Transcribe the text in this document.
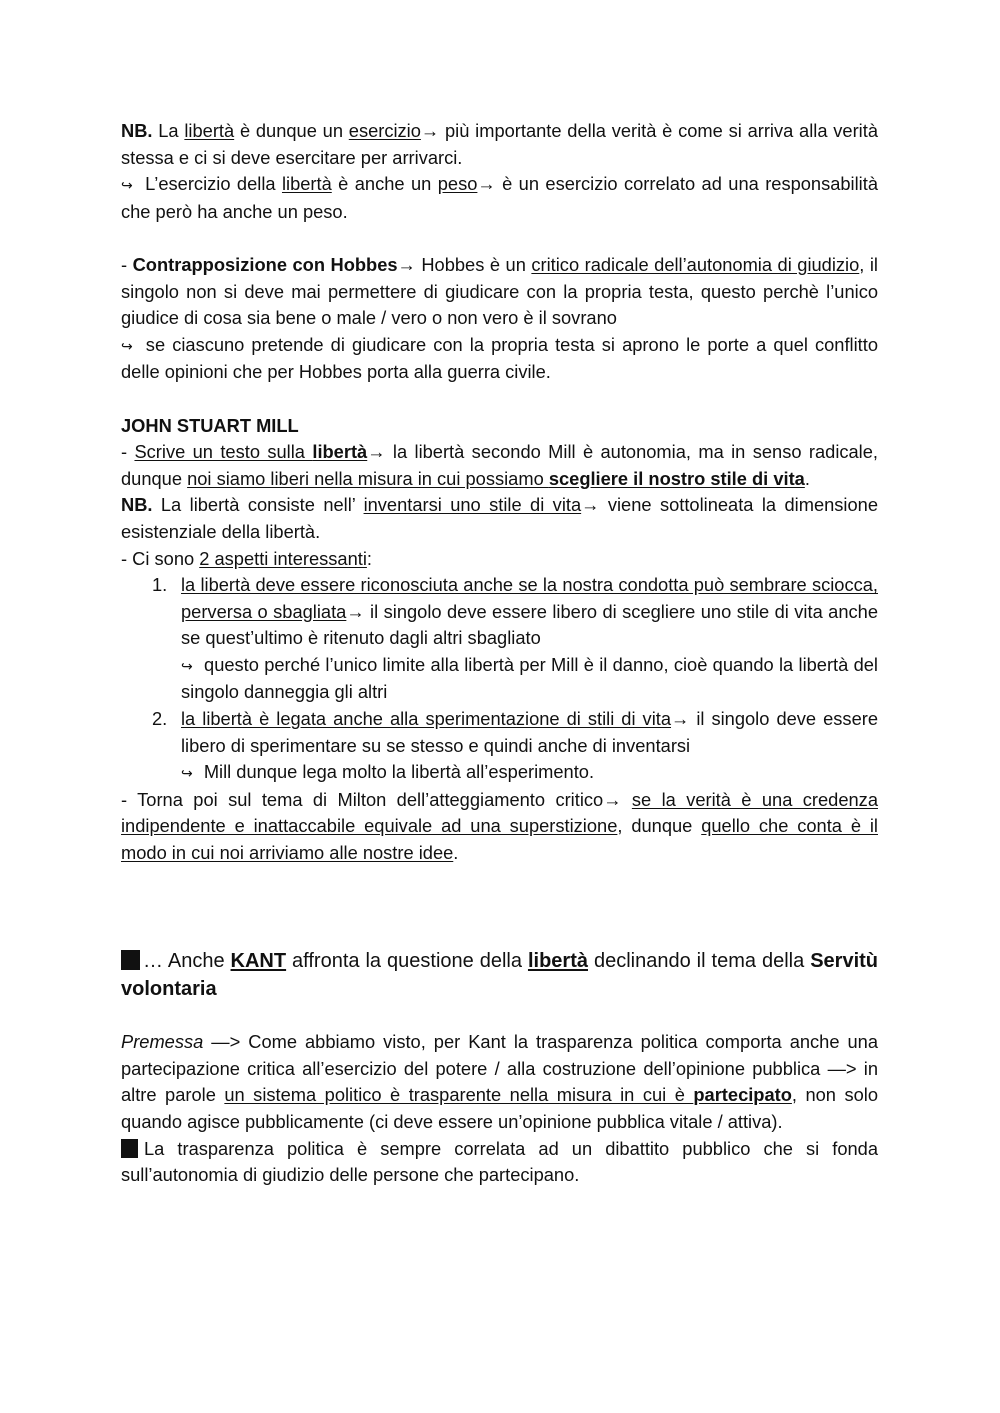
NB. La libertà è dunque un esercizio→ più importante della verità è come si arriva alla verità stessa e ci si deve esercitare per arrivarci.

↪ L’esercizio della libertà è anche un peso→ è un esercizio correlato ad una responsabilità che però ha anche un peso.

- Contrapposizione con Hobbes→ Hobbes è un critico radicale dell’autonomia di giudizio, il singolo non si deve mai permettere di giudicare con la propria testa, questo perchè l’unico giudice di cosa sia bene o male / vero o non vero è il sovrano

↪ se ciascuno pretende di giudicare con la propria testa si aprono le porte a quel conflitto delle opinioni che per Hobbes porta alla guerra civile.

JOHN STUART MILL

- Scrive un testo sulla libertà→ la libertà secondo Mill è autonomia, ma in senso radicale, dunque noi siamo liberi nella misura in cui possiamo scegliere il nostro stile di vita.

NB. La libertà consiste nell’ inventarsi uno stile di vita→ viene sottolineata la dimensione esistenziale della libertà.

- Ci sono 2 aspetti interessanti:

1. la libertà deve essere riconosciuta anche se la nostra condotta può sembrare sciocca, perversa o sbagliata→ il singolo deve essere libero di scegliere uno stile di vita anche se quest’ultimo è ritenuto dagli altri sbagliato
↪ questo perché l’unico limite alla libertà per Mill è il danno, cioè quando la libertà del singolo danneggia gli altri
2. la libertà è legata anche alla sperimentazione di stili di vita→ il singolo deve essere libero di sperimentare su se stesso e quindi anche di inventarsi
↪ Mill dunque lega molto la libertà all’esperimento.

- Torna poi sul tema di Milton dell’atteggiamento critico→ se la verità è una credenza indipendente e inattaccabile equivale ad una superstizione, dunque quello che conta è il modo in cui noi arriviamo alle nostre idee.

… Anche KANT affronta la questione della libertà declinando il tema della Servitù volontaria

Premessa —> Come abbiamo visto, per Kant la trasparenza politica comporta anche una partecipazione critica all’esercizio del potere / alla costruzione dell’opinione pubblica —> in altre parole un sistema politico è trasparente nella misura in cui è partecipato, non solo quando agisce pubblicamente (ci deve essere un’opinione pubblica vitale / attiva).

La trasparenza politica è sempre correlata ad un dibattito pubblico che si fonda sull’autonomia di giudizio delle persone che partecipano.
